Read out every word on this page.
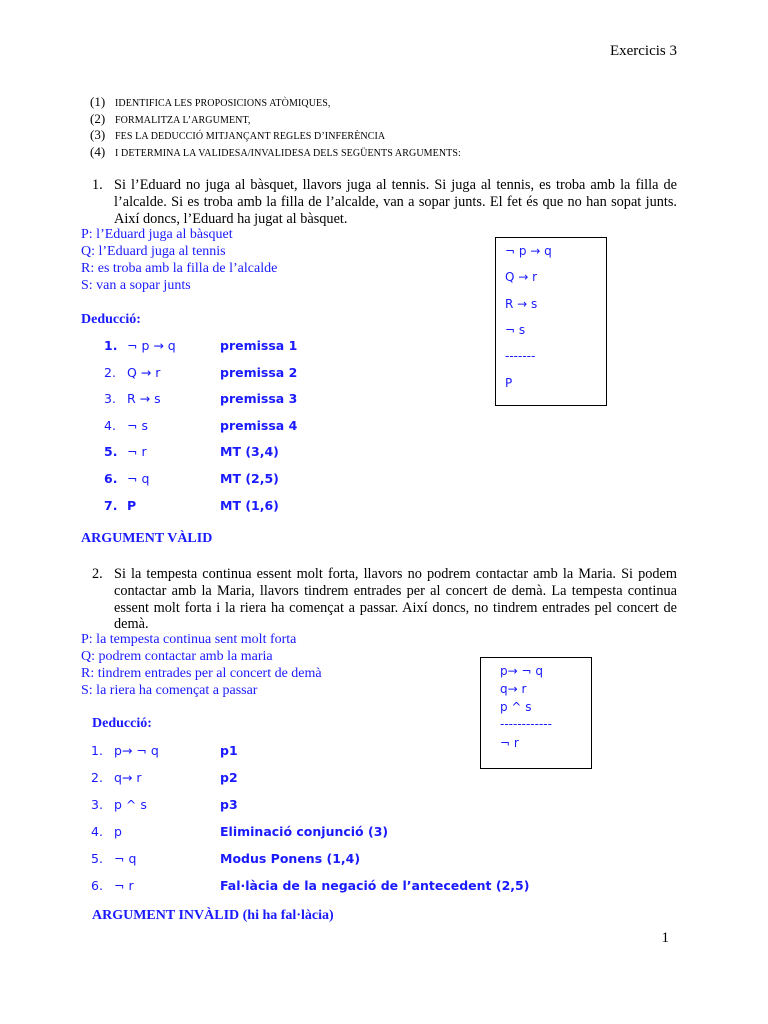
Exercicis 3
(1) IDENTIFICA LES PROPOSICIONS ATÒMIQUES,
(2) FORMALITZA L’ARGUMENT,
(3) FES LA DEDUCCIÓ MITJANÇANT REGLES D’INFERÈNCIA
(4) I DETERMINA LA VALIDESA/INVALIDESA DELS SEGÜENTS ARGUMENTS:
1. Si l’Eduard no juga al bàsquet, llavors juga al tennis. Si juga al tennis, es troba amb la filla de l’alcalde. Si es troba amb la filla de l’alcalde, van a sopar junts. El fet és que no han sopat junts. Així doncs, l’Eduard ha jugat al bàsquet.
P: l’Eduard juga al bàsquet
Q: l’Eduard juga al tennis
R: es troba amb la filla de l’alcalde
S: van a sopar junts
¬ p → q
Q → r
R → s
¬ s
-------
P
Deducció:
1. ¬ p → q	premissa 1
2. Q → r	premissa 2
3. R → s	premissa 3
4. ¬ s	premissa 4
5. ¬ r	MT (3,4)
6. ¬ q	MT (2,5)
7. P	MT (1,6)
ARGUMENT VÀLID
2. Si la tempesta continua essent molt forta, llavors no podrem contactar amb la Maria. Si podem contactar amb la Maria, llavors tindrem entrades per al concert de demà. La tempesta continua essent molt forta i la riera ha començat a passar. Així doncs, no tindrem entrades pel concert de demà.
P: la tempesta continua sent molt forta
Q: podrem contactar amb la maria
R: tindrem entrades per al concert de demà
S: la riera ha començat a passar
p→ ¬ q
q→ r
p ^ s
------------
¬ r
Deducció:
1. p→ ¬ q	p1
2. q→ r	p2
3. p ^ s	p3
4. p	Eliminació conjunció (3)
5. ¬ q	Modus Ponens (1,4)
6. ¬ r	Fal·làcia de la negació de l’antecedent (2,5)
ARGUMENT INVÀLID (hi ha fal·làcia)
1
